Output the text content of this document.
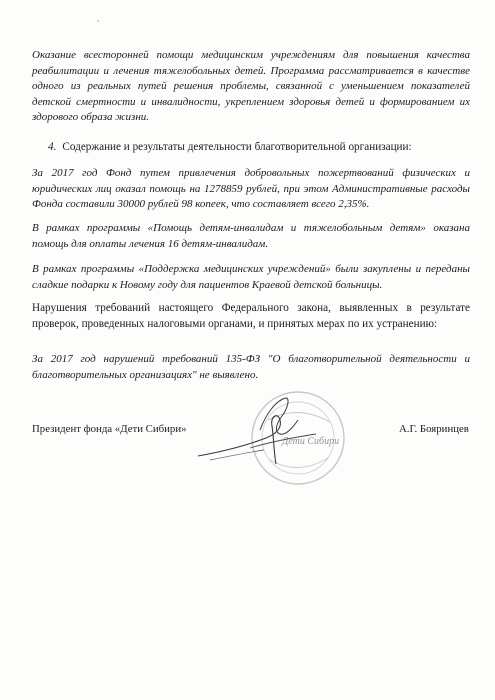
Оказание всесторонней помощи медицинским учреждениям для повышения качества реабилитации и лечения тяжелобольных детей. Программа рассматривается в качестве одного из реальных путей решения проблемы, связанной с уменьшением показателей детской смертности и инвалидности, укреплением здоровья детей и формированием их здорового образа жизни.

4. Содержание и результаты деятельности благотворительной организации:

За 2017 год Фонд путем привлечения добровольных пожертвований физических и юридических лиц оказал помощь на 1278859 рублей, при этом Административные расходы Фонда составили 30000 рублей 98 копеек, что составляет всего 2,35%.

В рамках программы «Помощь детям-инвалидам и тяжелобольным детям» оказана помощь для оплаты лечения 16 детям-инвалидам.

В рамках программы «Поддержка медицинских учреждений» были закуплены и переданы сладкие подарки к Новому году для пациентов Краевой детской больницы.

Нарушения требований настоящего Федерального закона, выявленных в результате проверок, проведенных налоговыми органами, и принятых мерах по их устранению:

За 2017 год нарушений требований 135-ФЗ "О благотворительной деятельности и благотворительных организациях" не выявлено.

Дети Сибири

Президент фонда «Дети Сибири»	А.Г. Бояринцев
